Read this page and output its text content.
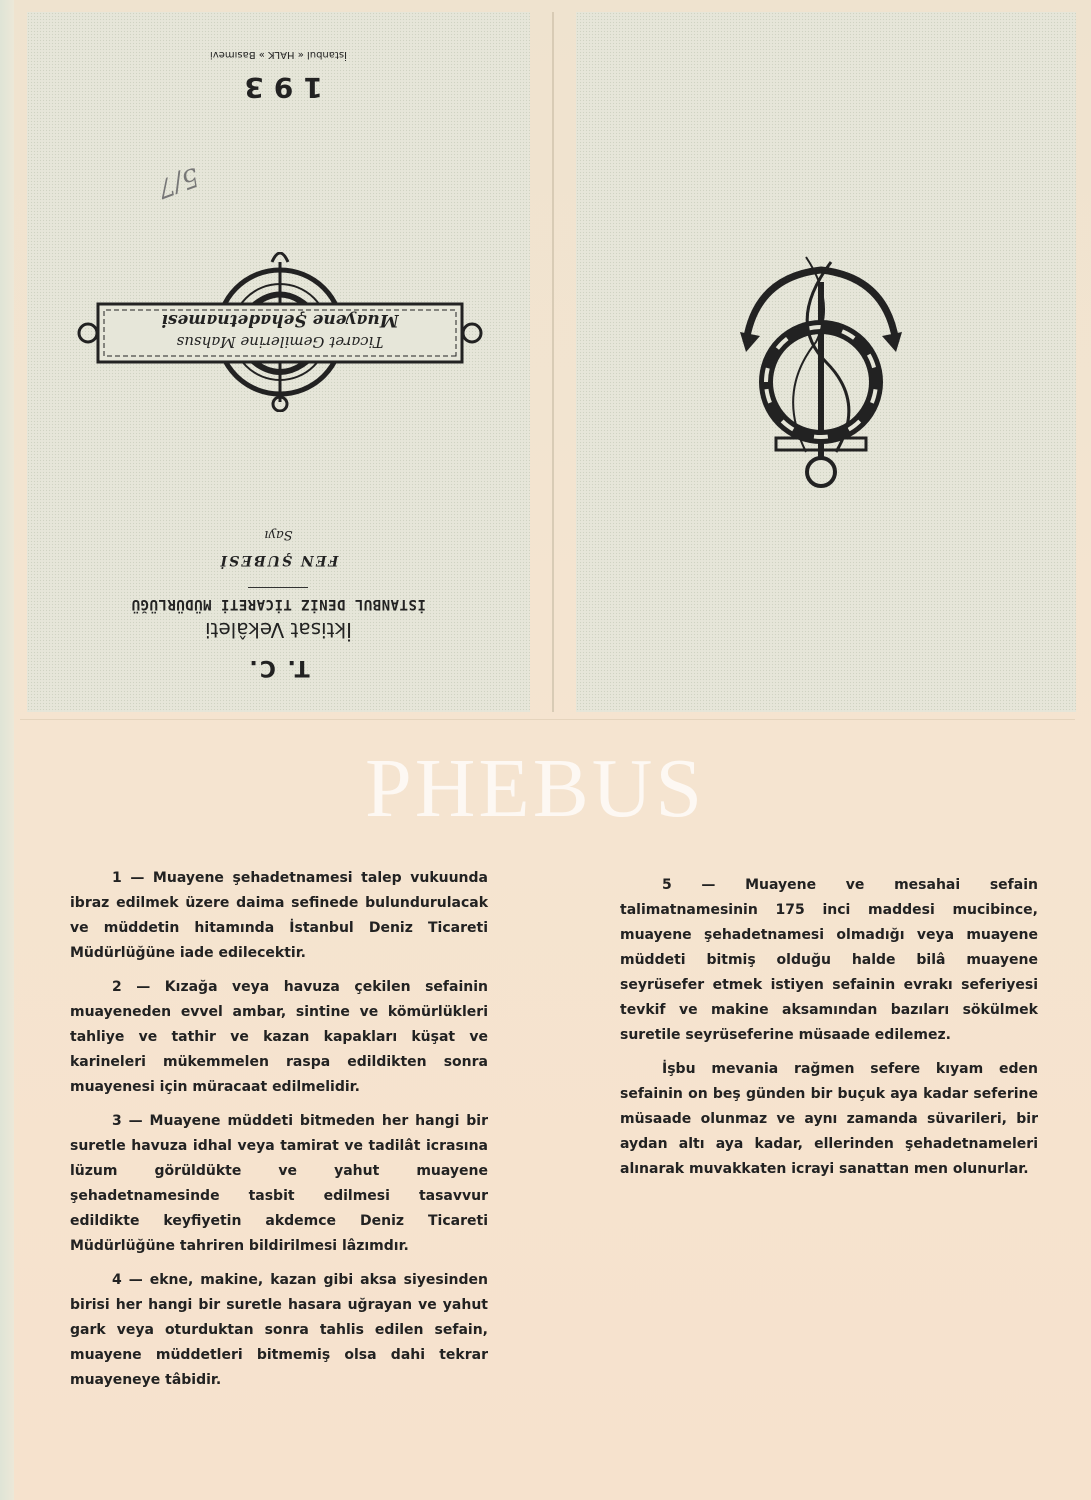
T. C.
İktisat Vekâleti
İSTANBUL DENİZ TİCARETİ MÜDÜRLÜĞÜ
FEN ŞUBESİ
Sayı
Ticaret Gemilerine Mahsus
Muayene Şehadetnamesi
193
İstanbul « HALK » Basımevi
5/7
PHEBUS

1 — Muayene şehadetnamesi talep vukuunda ibraz edilmek üzere daima sefinede bulundurulacak ve müddetin hitamında İstanbul Deniz Ticareti Müdürlüğüne iade edilecektir.

2 — Kızağa veya havuza çekilen sefainin muayeneden evvel ambar, sintine ve kömürlükleri tahliye ve tathir ve kazan kapakları küşat ve karineleri mükemmelen raspa edildikten sonra muayenesi için müracaat edilmelidir.

3 — Muayene müddeti bitmeden her hangi bir suretle havuza idhal veya tamirat ve tadilât icrasına lüzum görüldükte ve yahut muayene şehadetnamesinde tasbit edilmesi tasavvur edildikte keyfiyetin akdemce Deniz Ticareti Müdürlüğüne tahriren bildirilmesi lâzımdır.

4 — ekne, makine, kazan gibi aksa siyesinden birisi her hangi bir suretle hasara uğrayan ve yahut gark veya oturduktan sonra tahlis edilen sefain, muayene müddetleri bitmemiş olsa dahi tekrar muayeneye tâbidir.

5 — Muayene ve mesahai sefain talimatnamesinin 175 inci maddesi mucibince, muayene şehadetnamesi olmadığı veya muayene müddeti bitmiş olduğu halde bilâ muayene seyrüsefer etmek istiyen sefainin evrakı seferiyesi tevkif ve makine aksamından bazıları sökülmek suretile seyrüseferine müsaade edilemez.

İşbu mevania rağmen sefere kıyam eden sefainin on beş günden bir buçuk aya kadar seferine müsaade olunmaz ve aynı zamanda süvarileri, bir aydan altı aya kadar, ellerinden şehadetnameleri alınarak muvakkaten icrayi sanattan men olunurlar.
